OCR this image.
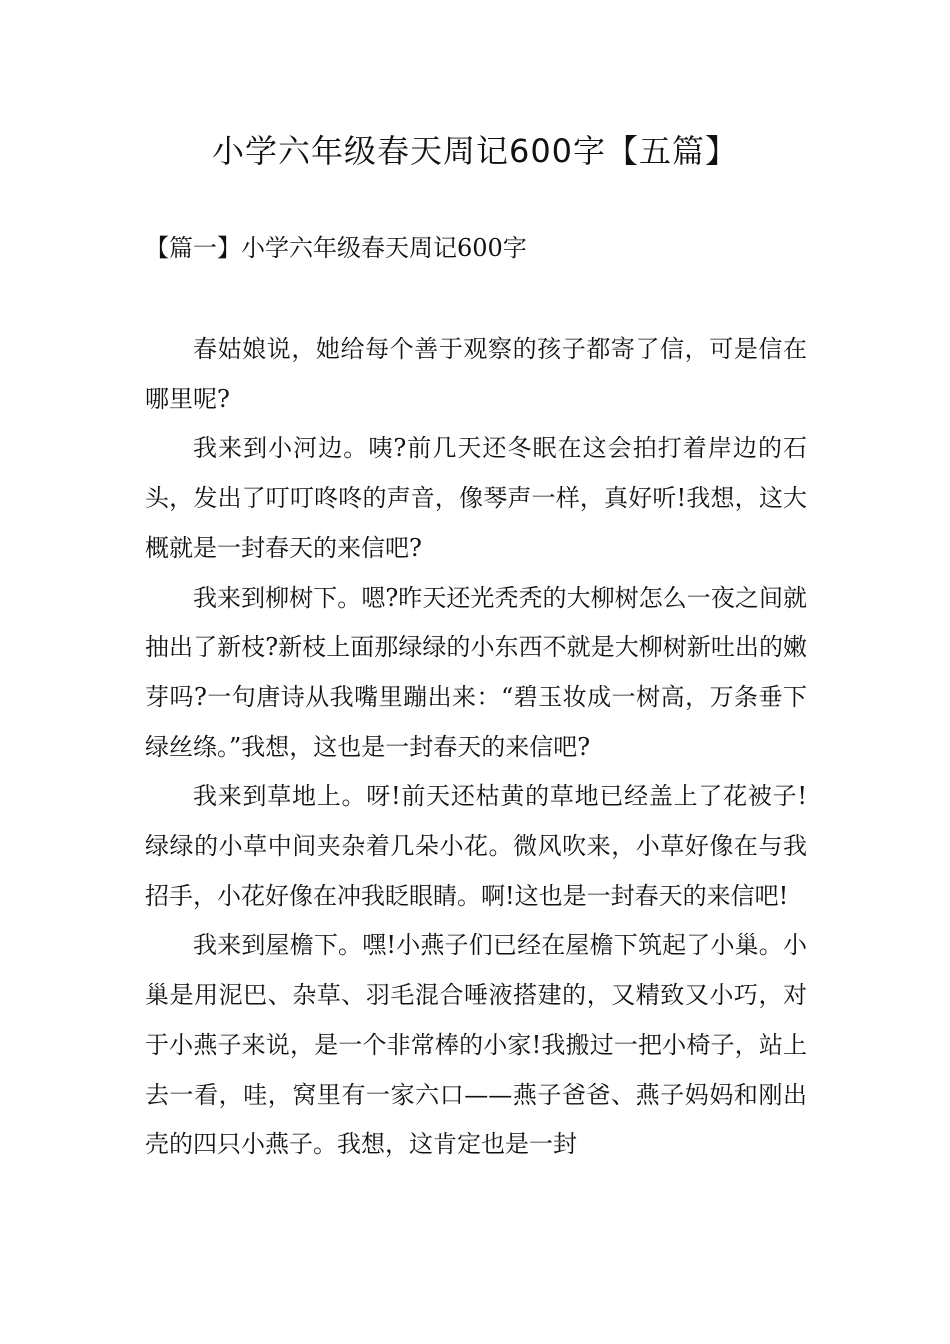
小学六年级春天周记600字【五篇】
【篇一】小学六年级春天周记600字

春姑娘说，她给每个善于观察的孩子都寄了信，可是信在哪里呢?

我来到小河边。咦?前几天还冬眠在这会拍打着岸边的石头，发出了叮叮咚咚的声音，像琴声一样，真好听!我想，这大概就是一封春天的来信吧?

我来到柳树下。嗯?昨天还光秃秃的大柳树怎么一夜之间就抽出了新枝?新枝上面那绿绿的小东西不就是大柳树新吐出的嫩芽吗?一句唐诗从我嘴里蹦出来：“碧玉妆成一树高，万条垂下绿丝绦。”我想，这也是一封春天的来信吧?

我来到草地上。呀!前天还枯黄的草地已经盖上了花被子!绿绿的小草中间夹杂着几朵小花。微风吹来，小草好像在与我招手，小花好像在冲我眨眼睛。啊!这也是一封春天的来信吧!

我来到屋檐下。嘿!小燕子们已经在屋檐下筑起了小巢。小巢是用泥巴、杂草、羽毛混合唾液搭建的，又精致又小巧，对于小燕子来说，是一个非常棒的小家!我搬过一把小椅子，站上去一看，哇，窝里有一家六口——燕子爸爸、燕子妈妈和刚出壳的四只小燕子。我想，这肯定也是一封
